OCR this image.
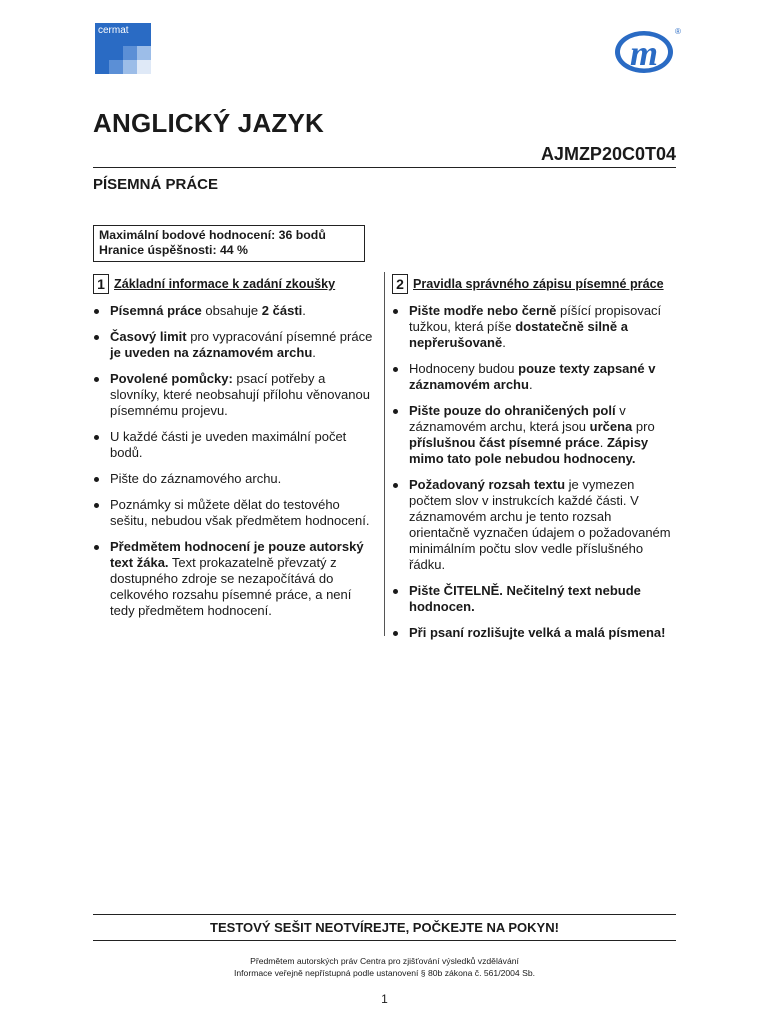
cermat
m
®
ANGLICKÝ JAZYK
AJMZP20C0T04
PÍSEMNÁ PRÁCE
Maximální bodové hodnocení: 36 bodů
Hranice úspěšnosti: 44 %
1 Základní informace k zadání zkoušky
Písemná práce obsahuje 2 části.
Časový limit pro vypracování písemné práce je uveden na záznamovém archu.
Povolené pomůcky: psací potřeby a slovníky, které neobsahují přílohu věnovanou písemnému projevu.
U každé části je uveden maximální počet bodů.
Pište do záznamového archu.
Poznámky si můžete dělat do testového sešitu, nebudou však předmětem hodnocení.
Předmětem hodnocení je pouze autorský text žáka. Text prokazatelně převzatý z dostupného zdroje se nezapočítává do celkového rozsahu písemné práce, a není tedy předmětem hodnocení.
2 Pravidla správného zápisu písemné práce
Pište modře nebo černě píšící propisovací tužkou, která píše dostatečně silně a nepřerušovaně.
Hodnoceny budou pouze texty zapsané v záznamovém archu.
Pište pouze do ohraničených polí v záznamovém archu, která jsou určena pro příslušnou část písemné práce. Zápisy mimo tato pole nebudou hodnoceny.
Požadovaný rozsah textu je vymezen počtem slov v instrukcích každé části. V záznamovém archu je tento rozsah orientačně vyznačen údajem o požadovaném minimálním počtu slov vedle příslušného řádku.
Pište ČITELNĚ. Nečitelný text nebude hodnocen.
Při psaní rozlišujte velká a malá písmena!
TESTOVÝ SEŠIT NEOTVÍREJTE, POČKEJTE NA POKYN!
Předmětem autorských práv Centra pro zjišťování výsledků vzdělávání
Informace veřejně nepřístupná podle ustanovení § 80b zákona č. 561/2004 Sb.
1
